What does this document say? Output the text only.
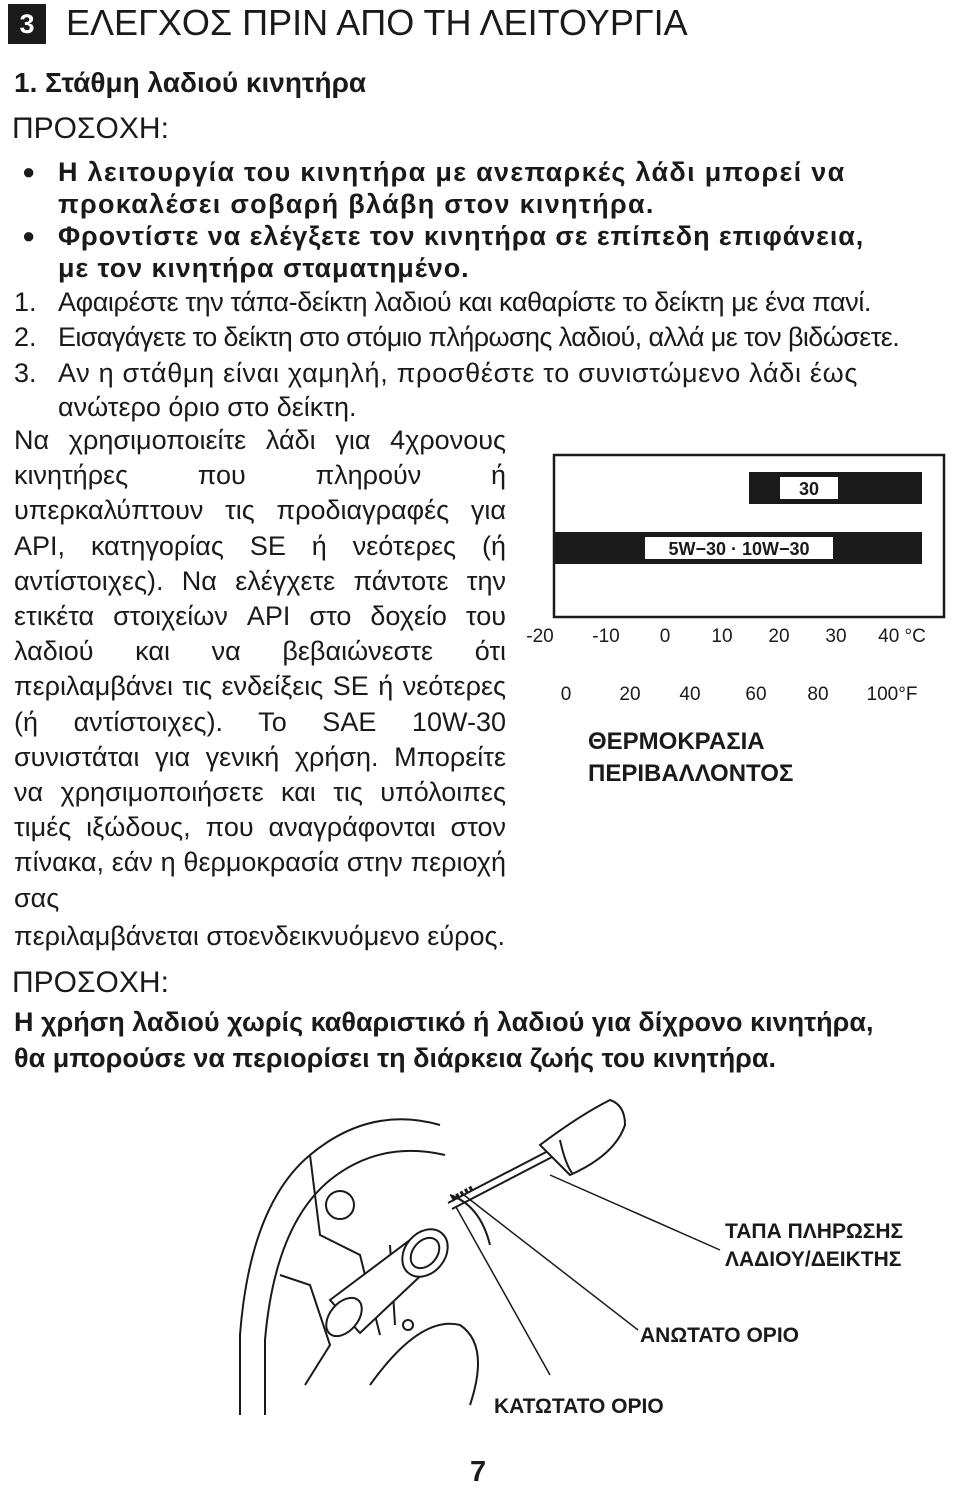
3 ΕΛΕΓΧΟΣ ΠΡΙΝ ΑΠΟ ΤΗ ΛΕΙΤΟΥΡΓΙΑ
1. Στάθμη λαδιού κινητήρα
ΠΡΟΣΟΧΗ:
● Η λειτουργία του κινητήρα με ανεπαρκές λάδι μπορεί να
προκαλέσει σοβαρή βλάβη στον κινητήρα.
● Φροντίστε να ελέγξετε τον κινητήρα σε επίπεδη επιφάνεια,
με τον κινητήρα σταματημένο.
1. Αφαιρέστε την τάπα-δείκτη λαδιού και καθαρίστε το δείκτη με ένα πανί.
2. Εισαγάγετε το δείκτη στο στόμιο πλήρωσης λαδιού, αλλά με τον βιδώσετε.
3. Αν η στάθμη είναι χαμηλή, προσθέστε το συνιστώμενο λάδι έως
ανώτερο όριο στο δείκτη.
Να χρησιμοποιείτε λάδι για 4χρονους κινητήρες που πληρούν ή υπερκαλύπτουν τις προδιαγραφές για API, κατηγορίας SE ή νεότερες (ή αντίστοιχες). Να ελέγχετε πάντοτε την ετικέτα στοιχείων API στο δοχείο του λαδιού και να βεβαιώνεστε ότι περιλαμβάνει τις ενδείξεις SE ή νεότερες (ή αντίστοιχες). Το SAE 10W-30 συνιστάται για γενική χρήση. Μπορείτε να χρησιμοποιήσετε και τις υπόλοιπες τιμές ιξώδους, που αναγράφονται στον πίνακα, εάν η θερμοκρασία στην περιοχή σας
περιλαμβάνεται στοενδεικνυόμενο εύρος.
30
5W−30 · 10W−30
-20 -10 0 10 20 30 40 °C
0	20 40 60 80 100°F
ΘΕΡΜΟΚΡΑΣΙΑ
ΠΕΡΙΒΑΛΛΟΝΤΟΣ
ΠΡΟΣΟΧΗ:
Η χρήση λαδιού χωρίς καθαριστικό ή λαδιού για δίχρονο κινητήρα,
θα μπορούσε να περιορίσει τη διάρκεια ζωής του κινητήρα.
ΤΑΠΑ ΠΛΗΡΩΣΗΣ
ΛΑΔΙΟΥ/ΔΕΙΚΤΗΣ
ΑΝΩΤΑΤΟ ΟΡΙΟ
ΚΑΤΩΤΑΤΟ ΟΡΙΟ
7
